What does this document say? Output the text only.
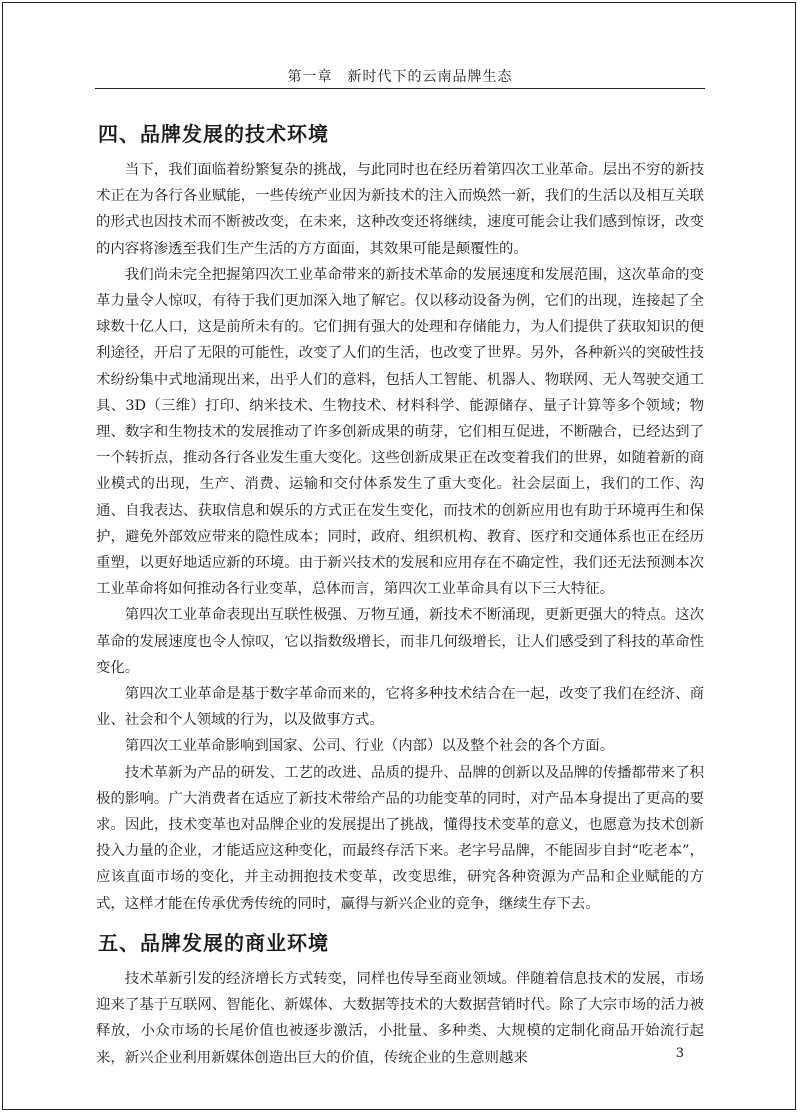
第一章　新时代下的云南品牌生态
四、品牌发展的技术环境

当下，我们面临着纷繁复杂的挑战，与此同时也在经历着第四次工业革命。层出不穷的新技术正在为各行各业赋能，一些传统产业因为新技术的注入而焕然一新，我们的生活以及相互关联的形式也因技术而不断被改变，在未来，这种改变还将继续，速度可能会让我们感到惊讶，改变的内容将渗透至我们生产生活的方方面面，其效果可能是颠覆性的。

我们尚未完全把握第四次工业革命带来的新技术革命的发展速度和发展范围，这次革命的变革力量令人惊叹，有待于我们更加深入地了解它。仅以移动设备为例，它们的出现，连接起了全球数十亿人口，这是前所未有的。它们拥有强大的处理和存储能力，为人们提供了获取知识的便利途径，开启了无限的可能性，改变了人们的生活，也改变了世界。另外，各种新兴的突破性技术纷纷集中式地涌现出来，出乎人们的意料，包括人工智能、机器人、物联网、无人驾驶交通工具、3D（三维）打印、纳米技术、生物技术、材料科学、能源储存、量子计算等多个领域；物理、数字和生物技术的发展推动了许多创新成果的萌芽，它们相互促进，不断融合，已经达到了一个转折点，推动各行各业发生重大变化。这些创新成果正在改变着我们的世界，如随着新的商业模式的出现，生产、消费、运输和交付体系发生了重大变化。社会层面上，我们的工作、沟通、自我表达、获取信息和娱乐的方式正在发生变化，而技术的创新应用也有助于环境再生和保护，避免外部效应带来的隐性成本；同时，政府、组织机构、教育、医疗和交通体系也正在经历重塑，以更好地适应新的环境。由于新兴技术的发展和应用存在不确定性，我们还无法预测本次工业革命将如何推动各行业变革，总体而言，第四次工业革命具有以下三大特征。

第四次工业革命表现出互联性极强、万物互通，新技术不断涌现，更新更强大的特点。这次革命的发展速度也令人惊叹，它以指数级增长，而非几何级增长，让人们感受到了科技的革命性变化。

第四次工业革命是基于数字革命而来的，它将多种技术结合在一起，改变了我们在经济、商业、社会和个人领域的行为，以及做事方式。

第四次工业革命影响到国家、公司、行业（内部）以及整个社会的各个方面。

技术革新为产品的研发、工艺的改进、品质的提升、品牌的创新以及品牌的传播都带来了积极的影响。广大消费者在适应了新技术带给产品的功能变革的同时，对产品本身提出了更高的要求。因此，技术变革也对品牌企业的发展提出了挑战，懂得技术变革的意义，也愿意为技术创新投入力量的企业，才能适应这种变化，而最终存活下来。老字号品牌，不能固步自封“吃老本”，应该直面市场的变化，并主动拥抱技术变革，改变思维，研究各种资源为产品和企业赋能的方式，这样才能在传承优秀传统的同时，赢得与新兴企业的竞争，继续生存下去。

五、品牌发展的商业环境

技术革新引发的经济增长方式转变，同样也传导至商业领域。伴随着信息技术的发展，市场迎来了基于互联网、智能化、新媒体、大数据等技术的大数据营销时代。除了大宗市场的活力被释放，小众市场的长尾价值也被逐步激活，小批量、多种类、大规模的定制化商品开始流行起来，新兴企业利用新媒体创造出巨大的价值，传统企业的生意则越来	3
